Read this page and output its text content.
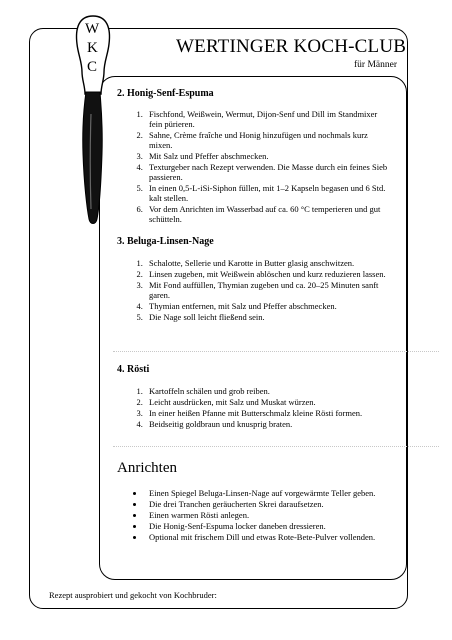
W
K
C
WERTINGER KOCH-CLUB
für Männer
2. Honig-Senf-Espuma
1. Fischfond, Weißwein, Wermut, Dijon-Senf und Dill im Standmixer fein pürieren.
2. Sahne, Crème fraîche und Honig hinzufügen und nochmals kurz mixen.
3. Mit Salz und Pfeffer abschmecken.
4. Texturgeber nach Rezept verwenden. Die Masse durch ein feines Sieb passieren.
5. In einen 0,5-L-iSi-Siphon füllen, mit 1–2 Kapseln begasen und 6 Std. kalt stellen.
6. Vor dem Anrichten im Wasserbad auf ca. 60 °C temperieren und gut schütteln.
3. Beluga-Linsen-Nage
1. Schalotte, Sellerie und Karotte in Butter glasig anschwitzen.
2. Linsen zugeben, mit Weißwein ablöschen und kurz reduzieren lassen.
3. Mit Fond auffüllen, Thymian zugeben und ca. 20–25 Minuten sanft garen.
4. Thymian entfernen, mit Salz und Pfeffer abschmecken.
5. Die Nage soll leicht fließend sein.
4. Rösti
1. Kartoffeln schälen und grob reiben.
2. Leicht ausdrücken, mit Salz und Muskat würzen.
3. In einer heißen Pfanne mit Butterschmalz kleine Rösti formen.
4. Beidseitig goldbraun und knusprig braten.
Anrichten
• Einen Spiegel Beluga-Linsen-Nage auf vorgewärmte Teller geben.
• Die drei Tranchen geräucherten Skrei daraufsetzen.
• Einen warmen Rösti anlegen.
• Die Honig-Senf-Espuma locker daneben dressieren.
• Optional mit frischem Dill und etwas Rote-Bete-Pulver vollenden.
Rezept ausprobiert und gekocht von Kochbruder:
